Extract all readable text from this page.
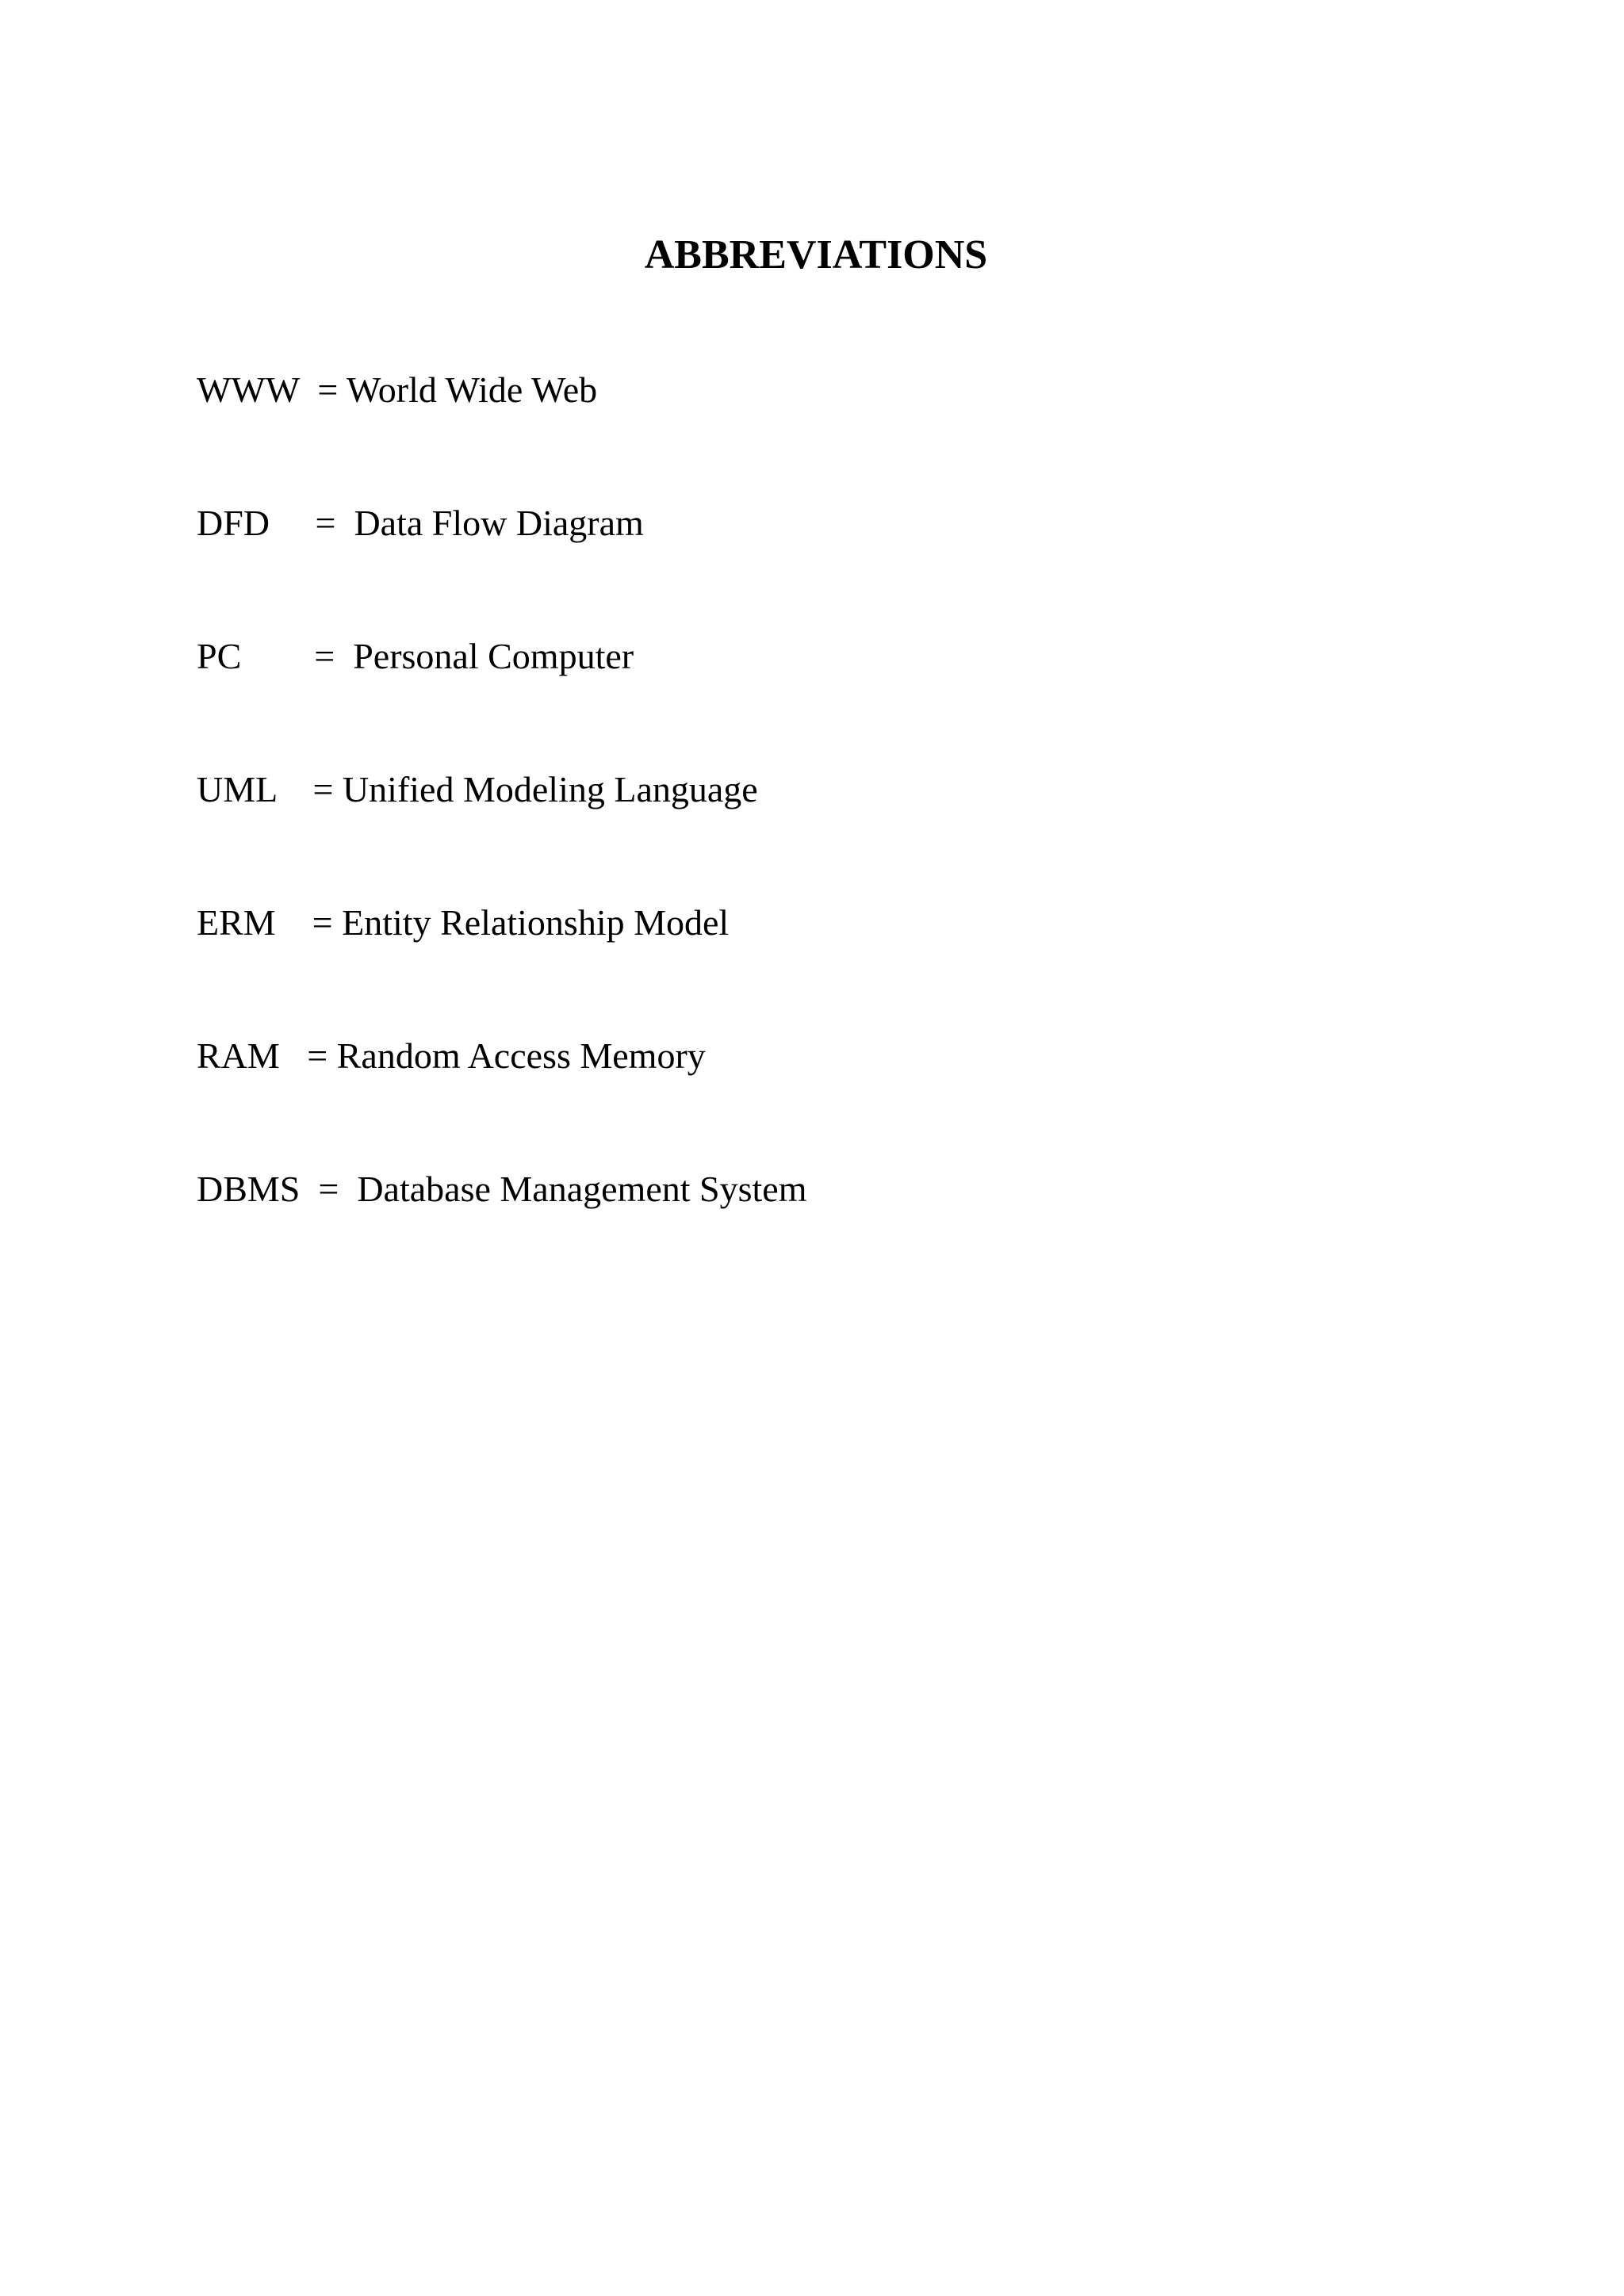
ABBREVIATIONS

WWW  = World Wide Web

DFD     =  Data Flow Diagram

PC        =  Personal Computer

UML    = Unified Modeling Language

ERM    = Entity Relationship Model

RAM   = Random Access Memory

DBMS  =  Database Management System
